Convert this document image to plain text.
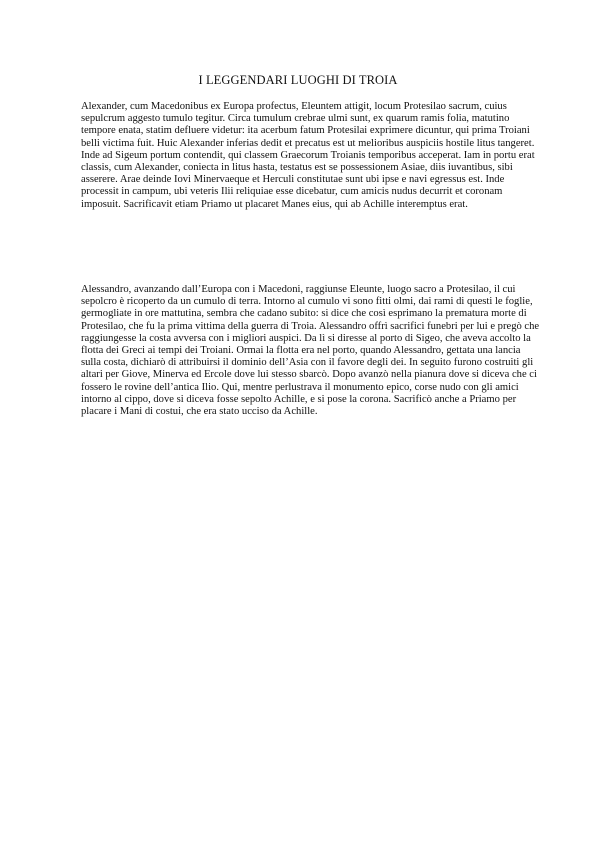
I LEGGENDARI LUOGHI DI TROIA

Alexander, cum Macedonibus ex Europa profectus, Eleuntem attigit, locum Protesilao sacrum, cuius sepulcrum aggesto tumulo tegitur. Circa tumulum crebrae ulmi sunt, ex quarum ramis folia, matutino tempore enata, statim defluere videtur: ita acerbum fatum Protesilai exprimere dicuntur, qui prima Troiani belli victima fuit. Huic Alexander inferias dedit et precatus est ut melioribus auspiciis hostile litus tangeret. Inde ad Sigeum portum contendit, qui classem Graecorum Troianis temporibus acceperat. Iam in portu erat classis, cum Alexander, coniecta in litus hasta, testatus est se possessionem Asiae, diis iuvantibus, sibi asserere. Arae deinde Iovi Minervaeque et Herculi constitutae sunt ubi ipse e navi egressus est. Inde processit in campum, ubi veteris Ilii reliquiae esse dicebatur, cum amicis nudus decurrit et coronam imposuit. Sacrificavit etiam Priamo ut placaret Manes eius, qui ab Achille interemptus erat.

Alessandro, avanzando dall’Europa con i Macedoni, raggiunse Eleunte, luogo sacro a Protesilao, il cui sepolcro è ricoperto da un cumulo di terra. Intorno al cumulo vi sono fitti olmi, dai rami di questi le foglie, germogliate in ore mattutina, sembra che cadano subito: si dice che così esprimano la prematura morte di Protesilao, che fu la prima vittima della guerra di Troia. Alessandro offrì sacrifici funebri per lui e pregò che raggiungesse la costa avversa con i migliori auspici. Da lì si diresse al porto di Sigeo, che aveva accolto la flotta dei Greci ai tempi dei Troiani. Ormai la flotta era nel porto, quando Alessandro, gettata una lancia sulla costa, dichiarò di attribuirsi il dominio dell’Asia con il favore degli dei. In seguito furono costruiti gli altari per Giove, Minerva ed Ercole dove lui stesso sbarcò. Dopo avanzò nella pianura dove si diceva che ci fossero le rovine dell’antica Ilio. Qui, mentre perlustrava il monumento epico, corse nudo con gli amici intorno al cippo, dove si diceva fosse sepolto Achille, e si pose la corona. Sacrificò anche a Priamo per placare i Mani di costui, che era stato ucciso da Achille.
